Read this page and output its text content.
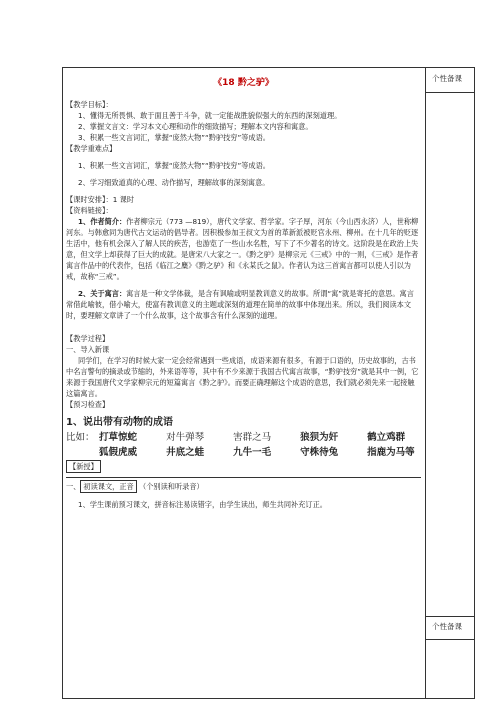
个性备课
个性备课
《18 黔之驴》

【教学目标】：

1、懂得无所畏惧、敢于面且善于斗争，就一定能战胜貌似强大的东西的深刻道理。

2、掌握文言文：学习本文心理和动作的细致描写；理解本文内容和寓意。

3、积累一些文言词汇，掌握“庞然大物”“黔驴技穷”等成语。

【教学重难点】

1、积累一些文言词汇，掌握“庞然大物”“黔驴技穷”等成语。

2、学习细致道真的心理、动作描写，理解故事的深刻寓意。

【课时安排】：1 课时

【资料链接】：

1、作者简介：作者柳宗元（773 —819），唐代文学家、哲学家。字子厚，河东（今山西永济）人，世称柳河东。与韩愈同为唐代古文运动的倡导者。因积极参加王叔文为首的革新派被贬官永州、柳州。在十几年的贬逐生活中，他有机会深入了解人民的疾苦，也游览了一些山水名胜，写下了不少著名的诗文。这阶段是在政治上失意，但文学上却获得了巨大的成就。是唐宋八大家之一。《黔之驴》是柳宗元《三戒》中的一则，《三戒》是作者寓言作品中的代表作，包括《临江之麋》《黔之驴》和《永某氏之鼠》。作者认为这三首寓言都可以使人引以为戒，故称“三戒”。

2、关于寓言：寓言是一种文学体裁，是含有讽喻或明显教训意义的故事。所谓“寓”就是寄托的意思。寓言常借此喻彼，借小喻大，使富有教训意义的主题或深刻的道理在简单的故事中体现出来。所以，我们阅读本文时，要理解文章讲了一个什么故事，这个故事含有什么深刻的道理。

【教学过程】

一、导入新课

同学们，在学习的时候大家一定会经常遇到一些成语，成语来源有很多，有源于口语的，历史故事的，古书中名言警句的摘录或节缩的，外来语等等，其中有不少来源于我国古代寓言故事，“黔驴技穷”就是其中一例，它来源于我国唐代文学家柳宗元的短篇寓言《黔之驴》。而要正确理解这个成语的意思，我们就必须先来一起接触这篇寓言。

【预习检查】

1、说出带有动物的成语

比如： 打草惊蛇	对牛弹琴	害群之马	狼狈为奸	鹤立鸡群
狐假虎威	井底之蛙	九牛一毛	守株待兔	指鹿为马等

【新授】

一、 初读课文，正音 （个别读和听录音）

1、学生课前预习课文，拼音标注易读错字，由学生读出，师生共同补充订正。
